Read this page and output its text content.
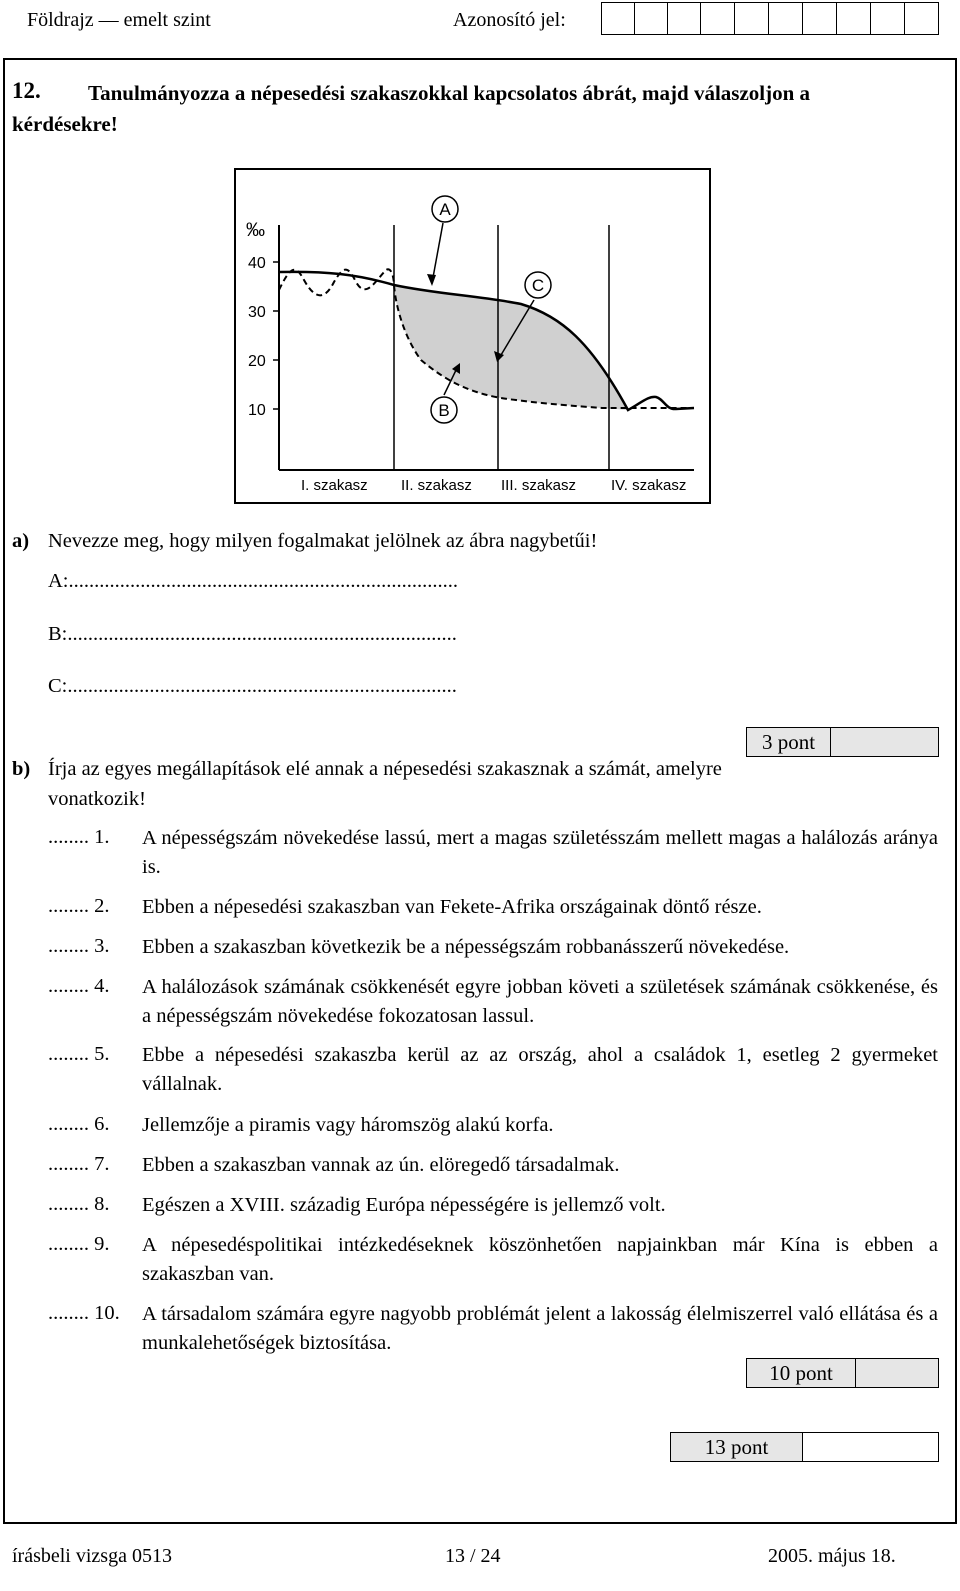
Földrajz — emelt szint	Azonosító jel:
12. Tanulmányozza a népesedési szakaszokkal kapcsolatos ábrát, majd válaszoljon a
kérdésekre!
A
C
B
‰
40
30
20
10
I. szakasz II. szakasz III. szakasz IV. szakasz
a) Nevezze meg, hogy milyen fogalmakat jelölnek az ábra nagybetűi!
A:............................................................................
B:............................................................................
C:............................................................................
3 pont
b) Írja az egyes megállapítások elé annak a népesedési szakasznak a számát, amelyre
vonatkozik!
........ 1. A népességszám növekedése lassú, mert a magas születésszám mellett magas a halálozás aránya is.
........ 2. Ebben a népesedési szakaszban van Fekete-Afrika országainak döntő része.
........ 3. Ebben a szakaszban következik be a népességszám robbanásszerű növekedése.
........ 4. A halálozások számának csökkenését egyre jobban követi a születések számának csökkenése, és a népességszám növekedése fokozatosan lassul.
........ 5. Ebbe a népesedési szakaszba kerül az az ország, ahol a családok 1, esetleg 2 gyermeket vállalnak.
........ 6. Jellemzője a piramis vagy háromszög alakú korfa.
........ 7. Ebben a szakaszban vannak az ún. elöregedő társadalmak.
........ 8. Egészen a XVIII. századig Európa népességére is jellemző volt.
........ 9. A népesedéspolitikai intézkedéseknek köszönhetően napjainkban már Kína is ebben a szakaszban van.
........ 10. A társadalom számára egyre nagyobb problémát jelent a lakosság élelmiszerrel való ellátása és a munkalehetőségek biztosítása.
10 pont
13 pont
írásbeli vizsga 0513	13 / 24	2005. május 18.
